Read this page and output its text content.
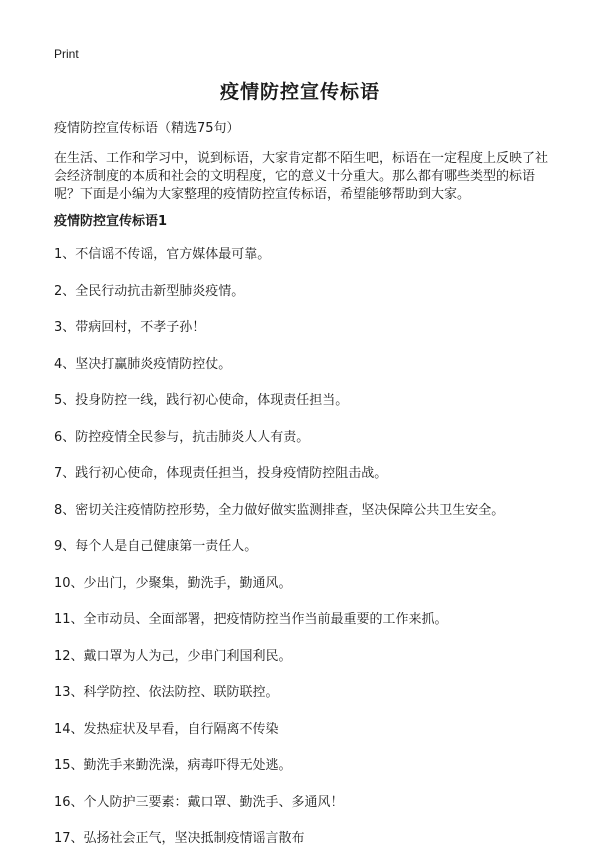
Print
疫情防控宣传标语
疫情防控宣传标语（精选75句）

在生活、工作和学习中，说到标语，大家肯定都不陌生吧，标语在一定程度上反映了社会经济制度的本质和社会的文明程度，它的意义十分重大。那么都有哪些类型的标语呢？下面是小编为大家整理的疫情防控宣传标语，希望能够帮助到大家。

疫情防控宣传标语1
1、不信谣不传谣，官方媒体最可靠。
2、全民行动抗击新型肺炎疫情。
3、带病回村，不孝子孙！
4、坚决打赢肺炎疫情防控仗。
5、投身防控一线，践行初心使命，体现责任担当。
6、防控疫情全民参与，抗击肺炎人人有责。
7、践行初心使命，体现责任担当，投身疫情防控阻击战。
8、密切关注疫情防控形势，全力做好做实监测排查，坚决保障公共卫生安全。
9、每个人是自己健康第一责任人。
10、少出门，少聚集，勤洗手，勤通风。
11、全市动员、全面部署，把疫情防控当作当前最重要的工作来抓。
12、戴口罩为人为己，少串门利国利民。
13、科学防控、依法防控、联防联控。
14、发热症状及早看，自行隔离不传染
15、勤洗手来勤洗澡，病毒吓得无处逃。
16、个人防护三要素：戴口罩、勤洗手、多通风！
17、弘扬社会正气，坚决抵制疫情谣言散布
